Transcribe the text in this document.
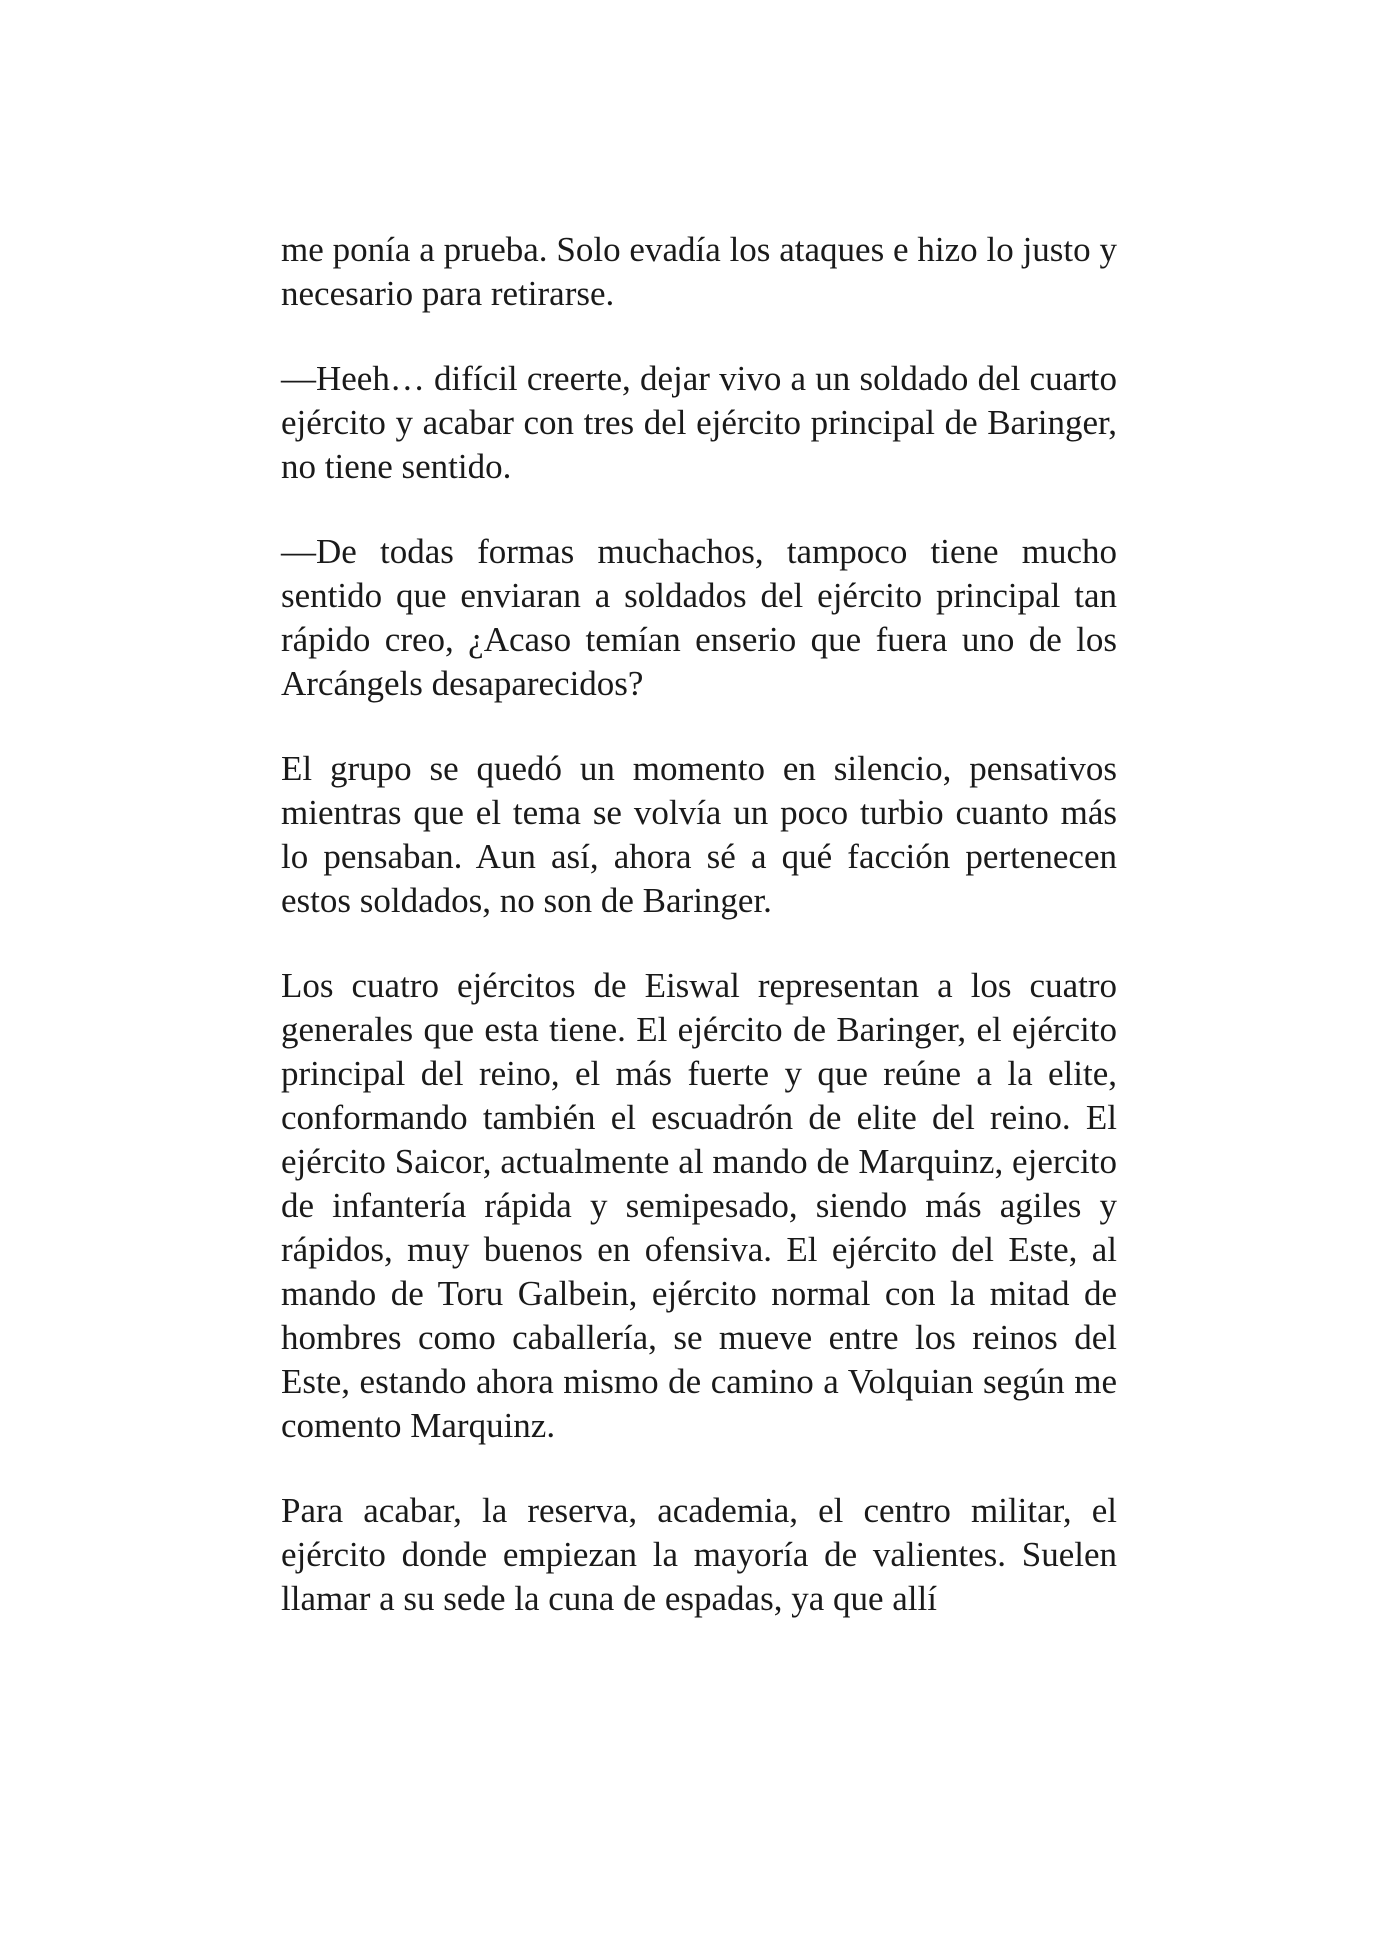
me ponía a prueba. Solo evadía los ataques e hizo lo justo y necesario para retirarse.

—Heeh… difícil creerte, dejar vivo a un soldado del cuarto ejército y acabar con tres del ejército principal de Baringer, no tiene sentido.

—De todas formas muchachos, tampoco tiene mucho sentido que enviaran a soldados del ejército principal tan rápido creo, ¿Acaso temían enserio que fuera uno de los Arcángels desaparecidos?

El grupo se quedó un momento en silencio, pensativos mientras que el tema se volvía un poco turbio cuanto más lo pensaban. Aun así, ahora sé a qué facción pertenecen estos soldados, no son de Baringer.

Los cuatro ejércitos de Eiswal representan a los cuatro generales que esta tiene. El ejército de Baringer, el ejército principal del reino, el más fuerte y que reúne a la elite, conformando también el escuadrón de elite del reino. El ejército Saicor, actualmente al mando de Marquinz, ejercito de infantería rápida y semipesado, siendo más agiles y rápidos, muy buenos en ofensiva. El ejército del Este, al mando de Toru Galbein, ejército normal con la mitad de hombres como caballería, se mueve entre los reinos del Este, estando ahora mismo de camino a Volquian según me comento Marquinz.

Para acabar, la reserva, academia, el centro militar, el ejército donde empiezan la mayoría de valientes. Suelen llamar a su sede la cuna de espadas, ya que allí
